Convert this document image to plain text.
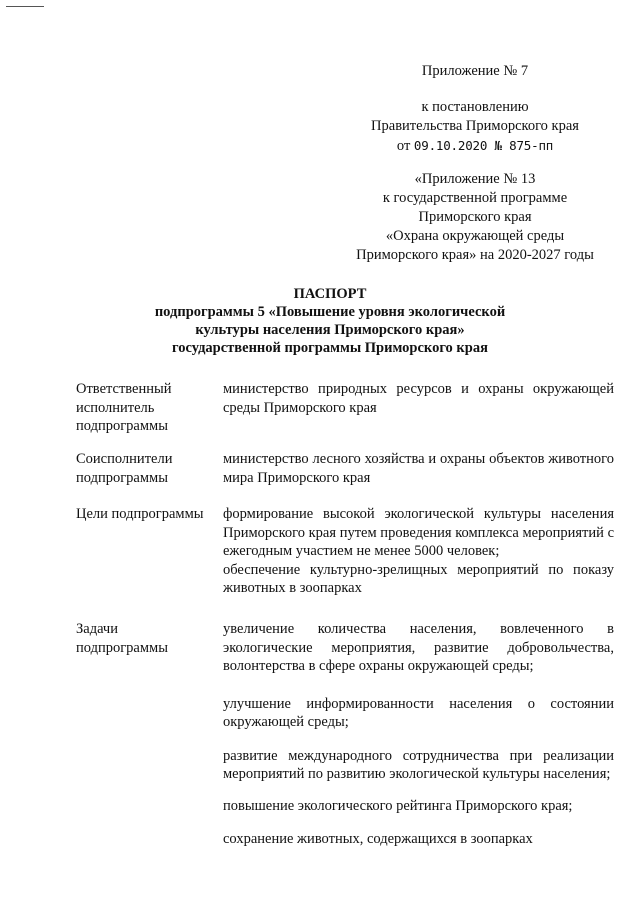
Приложение № 7
к постановлению
Правительства Приморского края
от 09.10.2020 № 875-пп
«Приложение № 13
к государственной программе
Приморского края
«Охрана окружающей среды
Приморского края» на 2020-2027 годы
ПАСПОРТ
подпрограммы 5 «Повышение уровня экологической
культуры населения Приморского края»
государственной программы Приморского края
Ответственный
исполнитель
подпрограммы
министерство природных ресурсов и охраны окружающей среды Приморского края
Соисполнители
подпрограммы
министерство лесного хозяйства и охраны объектов животного мира Приморского края
Цели подпрограммы	формирование высокой экологической культуры населения Приморского края путем проведения комплекса мероприятий с ежегодным участием не менее 5000 человек;
обеспечение культурно-зрелищных мероприятий по показу животных в зоопарках
Задачи
подпрограммы
увеличение количества населения, вовлеченного в экологические мероприятия, развитие добровольчества, волонтерства в сфере охраны окружающей среды;
улучшение информированности населения о состоянии окружающей среды;
развитие международного сотрудничества при реализации мероприятий по развитию экологической культуры населения;
повышение экологического рейтинга Приморского края;
сохранение животных, содержащихся в зоопарках
